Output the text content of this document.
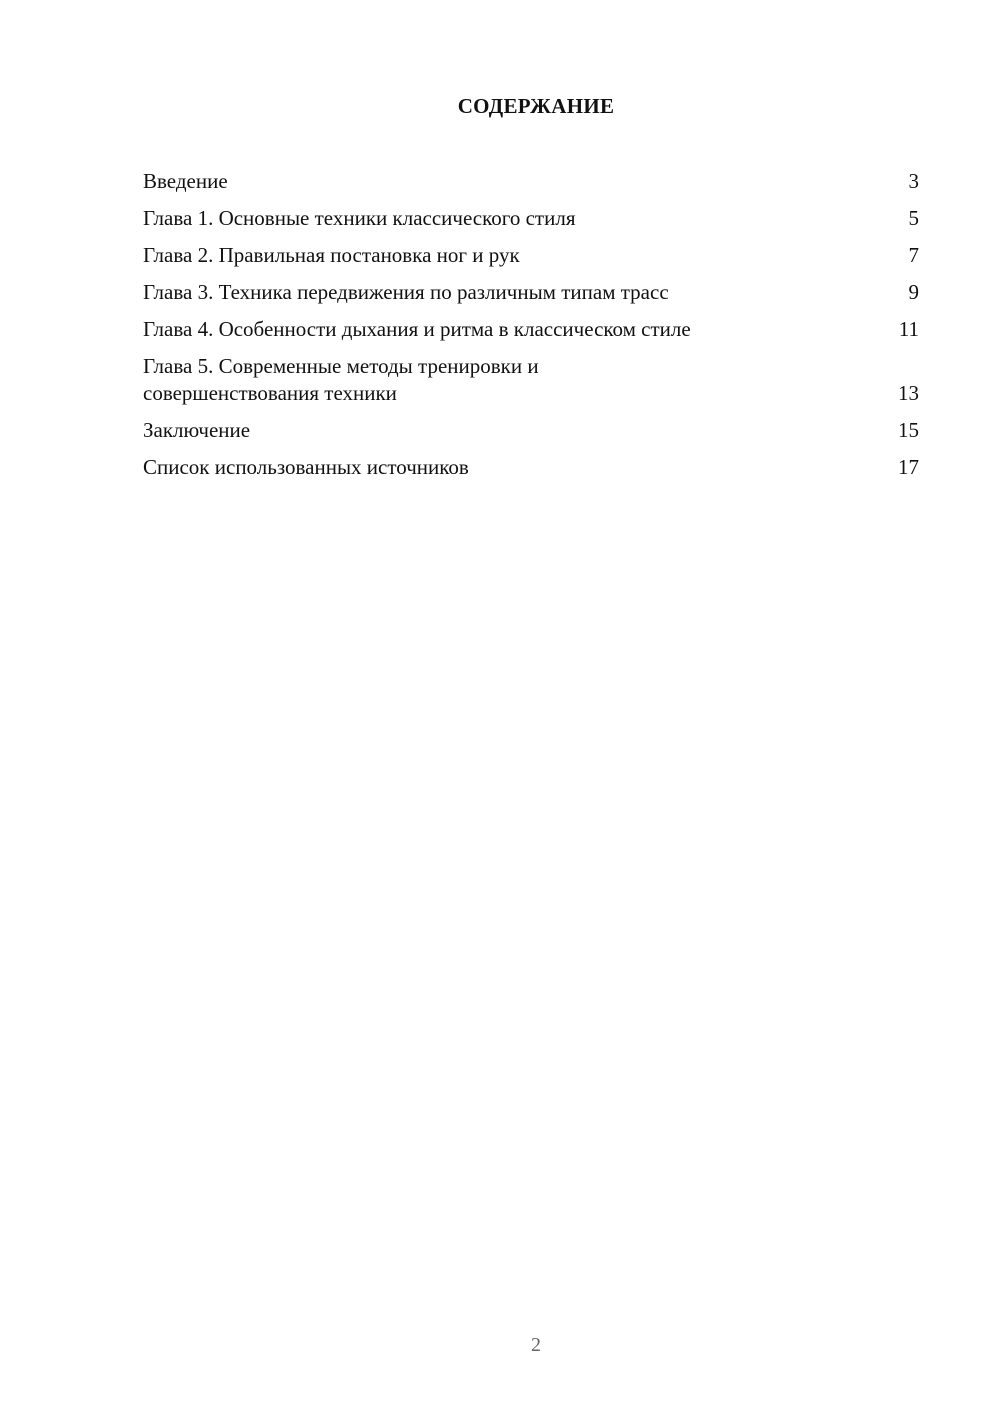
СОДЕРЖАНИЕ
Введение	3
Глава 1. Основные техники классического стиля	5
Глава 2. Правильная постановка ног и рук	7
Глава 3. Техника передвижения по различным типам трасс	9
Глава 4. Особенности дыхания и ритма в классическом стиле	11
Глава 5. Современные методы тренировки и совершенствования техники	13
Заключение	15
Список использованных источников	17
2
